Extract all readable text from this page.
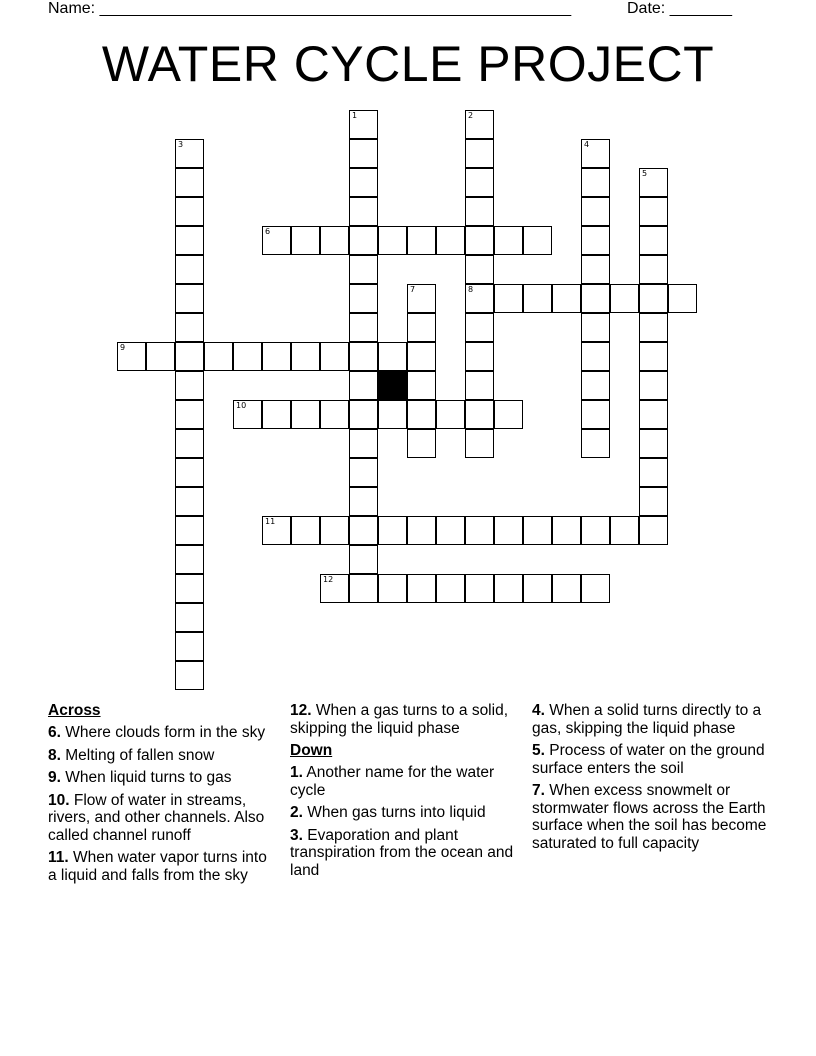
Name: _____________________________________________________	Date: _______
WATER CYCLE PROJECT
1	2
8
3	4
5
6
7
9
10
11
12
Across
6. Where clouds form in the sky
8. Melting of fallen snow
9. When liquid turns to gas
10. Flow of water in streams, rivers, and other channels. Also called channel runoff
11. When water vapor turns into a liquid and falls from the sky
12. When a gas turns to a solid, skipping the liquid phase
Down
1. Another name for the water cycle
2. When gas turns into liquid
3. Evaporation and plant transpiration from the ocean and land
4. When a solid turns directly to a gas, skipping the liquid phase
5. Process of water on the ground surface enters the soil
7. When excess snowmelt or stormwater flows across the Earth surface when the soil has become saturated to full capacity
